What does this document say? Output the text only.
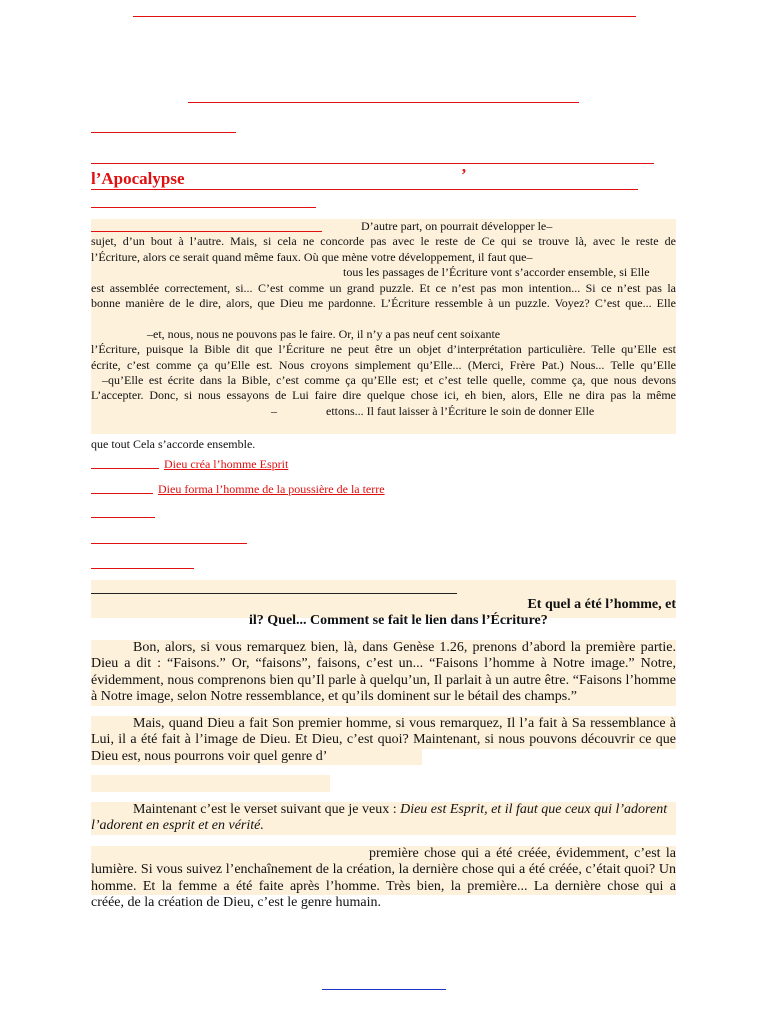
l’Apocalypse	’
D’autre part, on pourrait développer le–
sujet, d’un bout à l’autre. Mais, si cela ne concorde pas avec le reste de Ce qui se trouve là, avec le reste de
l’Écriture, alors ce serait quand même faux. Où que mène votre développement, il faut que–
tous les passages de l’Écriture vont s’accorder ensemble, si Elle
est assemblée correctement, si... C’est comme un grand puzzle. Et ce n’est pas mon intention... Si ce n’est pas la
bonne manière de le dire, alors, que Dieu me pardonne. L’Écriture ressemble à un puzzle. Voyez? C’est que... Elle
–et, nous, nous ne pouvons pas le faire. Or, il n’y a pas neuf cent soixante
l’Écriture, puisque la Bible dit que l’Écriture ne peut être un objet d’interprétation particulière. Telle qu’Elle est
écrite, c’est comme ça qu’Elle est. Nous croyons simplement qu’Elle... (Merci, Frère Pat.) Nous... Telle qu’Elle
–qu’Elle est écrite dans la Bible, c’est comme ça qu’Elle est; et c’est telle quelle, comme ça, que nous devons
L’accepter. Donc, si nous essayons de Lui faire dire quelque chose ici, eh bien, alors, Elle ne dira pas la même
–	ettons... Il faut laisser à l’Écriture le soin de donner Elle
que tout Cela s’accorde ensemble.
Dieu créa l’homme Esprit
Dieu forma l’homme de la poussière de la terre
Et quel a été l’homme, et
il? Quel... Comment se fait le lien dans l’Écriture?
Bon, alors, si vous remarquez bien, là, dans Genèse 1.26, prenons d’abord la première partie.
Dieu a dit : “Faisons.” Or, “faisons”, faisons, c’est un... “Faisons l’homme à Notre image.” Notre,
évidemment, nous comprenons bien qu’Il parle à quelqu’un, Il parlait à un autre être. “Faisons l’homme
à Notre image, selon Notre ressemblance, et qu’ils dominent sur le bétail des champs.”
Mais, quand Dieu a fait Son premier homme, si vous remarquez, Il l’a fait à Sa ressemblance à
Lui, il a été fait à l’image de Dieu. Et Dieu, c’est quoi? Maintenant, si nous pouvons découvrir ce que
Dieu est, nous pourrons voir quel genre d’
Maintenant c’est le verset suivant que je veux : Dieu est Esprit, et il faut que ceux qui l’adorent
l’adorent en esprit et en vérité.
première chose qui a été créée, évidemment, c’est la
lumière. Si vous suivez l’enchaînement de la création, la dernière chose qui a été créée, c’était quoi? Un
homme. Et la femme a été faite après l’homme. Très bien, la première... La dernière chose qui a
créée, de la création de Dieu, c’est le genre humain.
